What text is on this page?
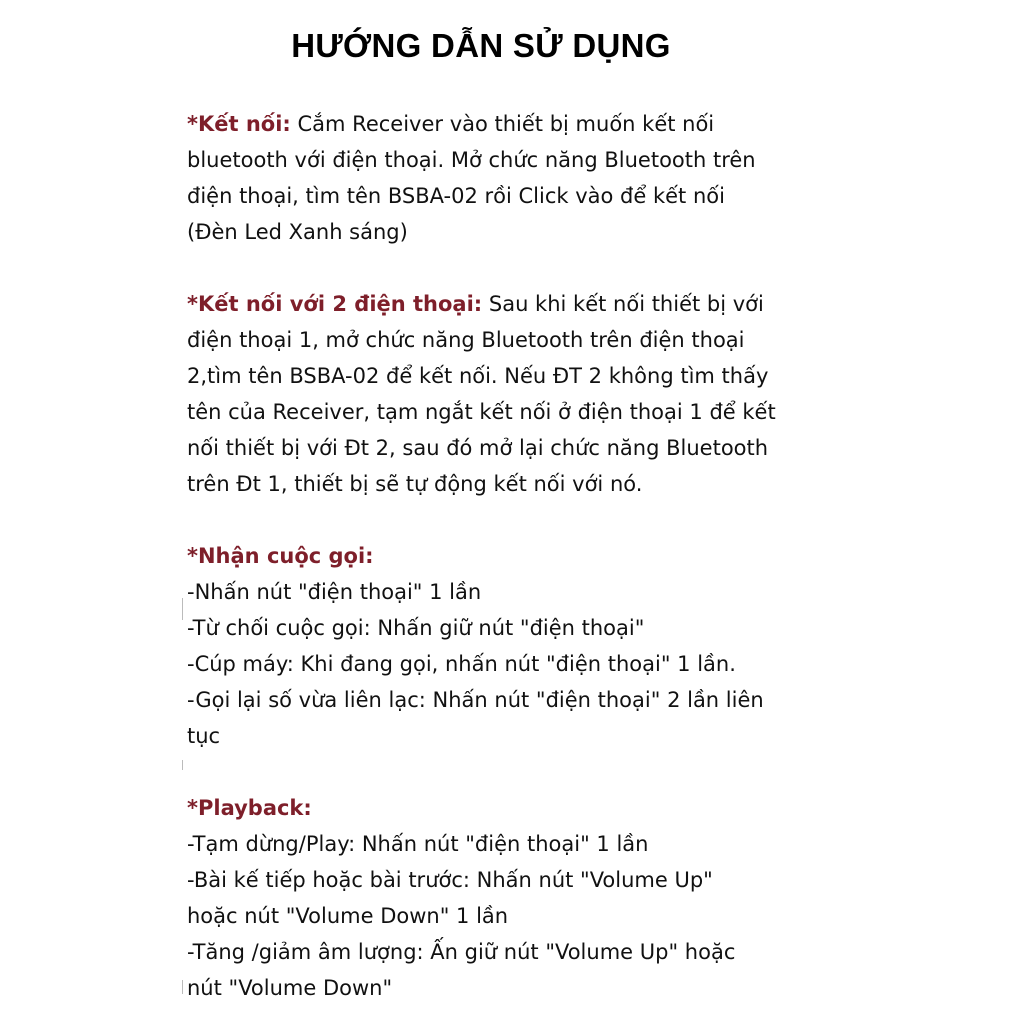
HƯỚNG DẪN SỬ DỤNG

*Kết nối: Cắm Receiver vào thiết bị muốn kết nối

bluetooth với điện thoại. Mở chức năng Bluetooth trên

điện thoại, tìm tên BSBA-02 rồi Click vào để kết nối

(Đèn Led Xanh sáng)

*Kết nối với 2 điện thoại: Sau khi kết nối thiết bị với

điện thoại 1, mở chức năng Bluetooth trên điện thoại

2,tìm tên BSBA-02 để kết nối. Nếu ĐT 2 không tìm thấy

tên của Receiver, tạm ngắt kết nối ở điện thoại 1 để kết

nối thiết bị với Đt 2, sau đó mở lại chức năng Bluetooth

trên Đt 1, thiết bị sẽ tự động kết nối với nó.

*Nhận cuộc gọi:

-Nhấn nút "điện thoại" 1 lần

-Từ chối cuộc gọi: Nhấn giữ nút "điện thoại"

-Cúp máy: Khi đang gọi, nhấn nút "điện thoại" 1 lần.

-Gọi lại số vừa liên lạc: Nhấn nút "điện thoại" 2 lần liên

tục

*Playback:

-Tạm dừng/Play: Nhấn nút "điện thoại" 1 lần

-Bài kế tiếp hoặc bài trước: Nhấn nút "Volume Up"

hoặc nút "Volume Down" 1 lần

-Tăng /giảm âm lượng: Ấn giữ nút "Volume Up" hoặc

nút "Volume Down"
